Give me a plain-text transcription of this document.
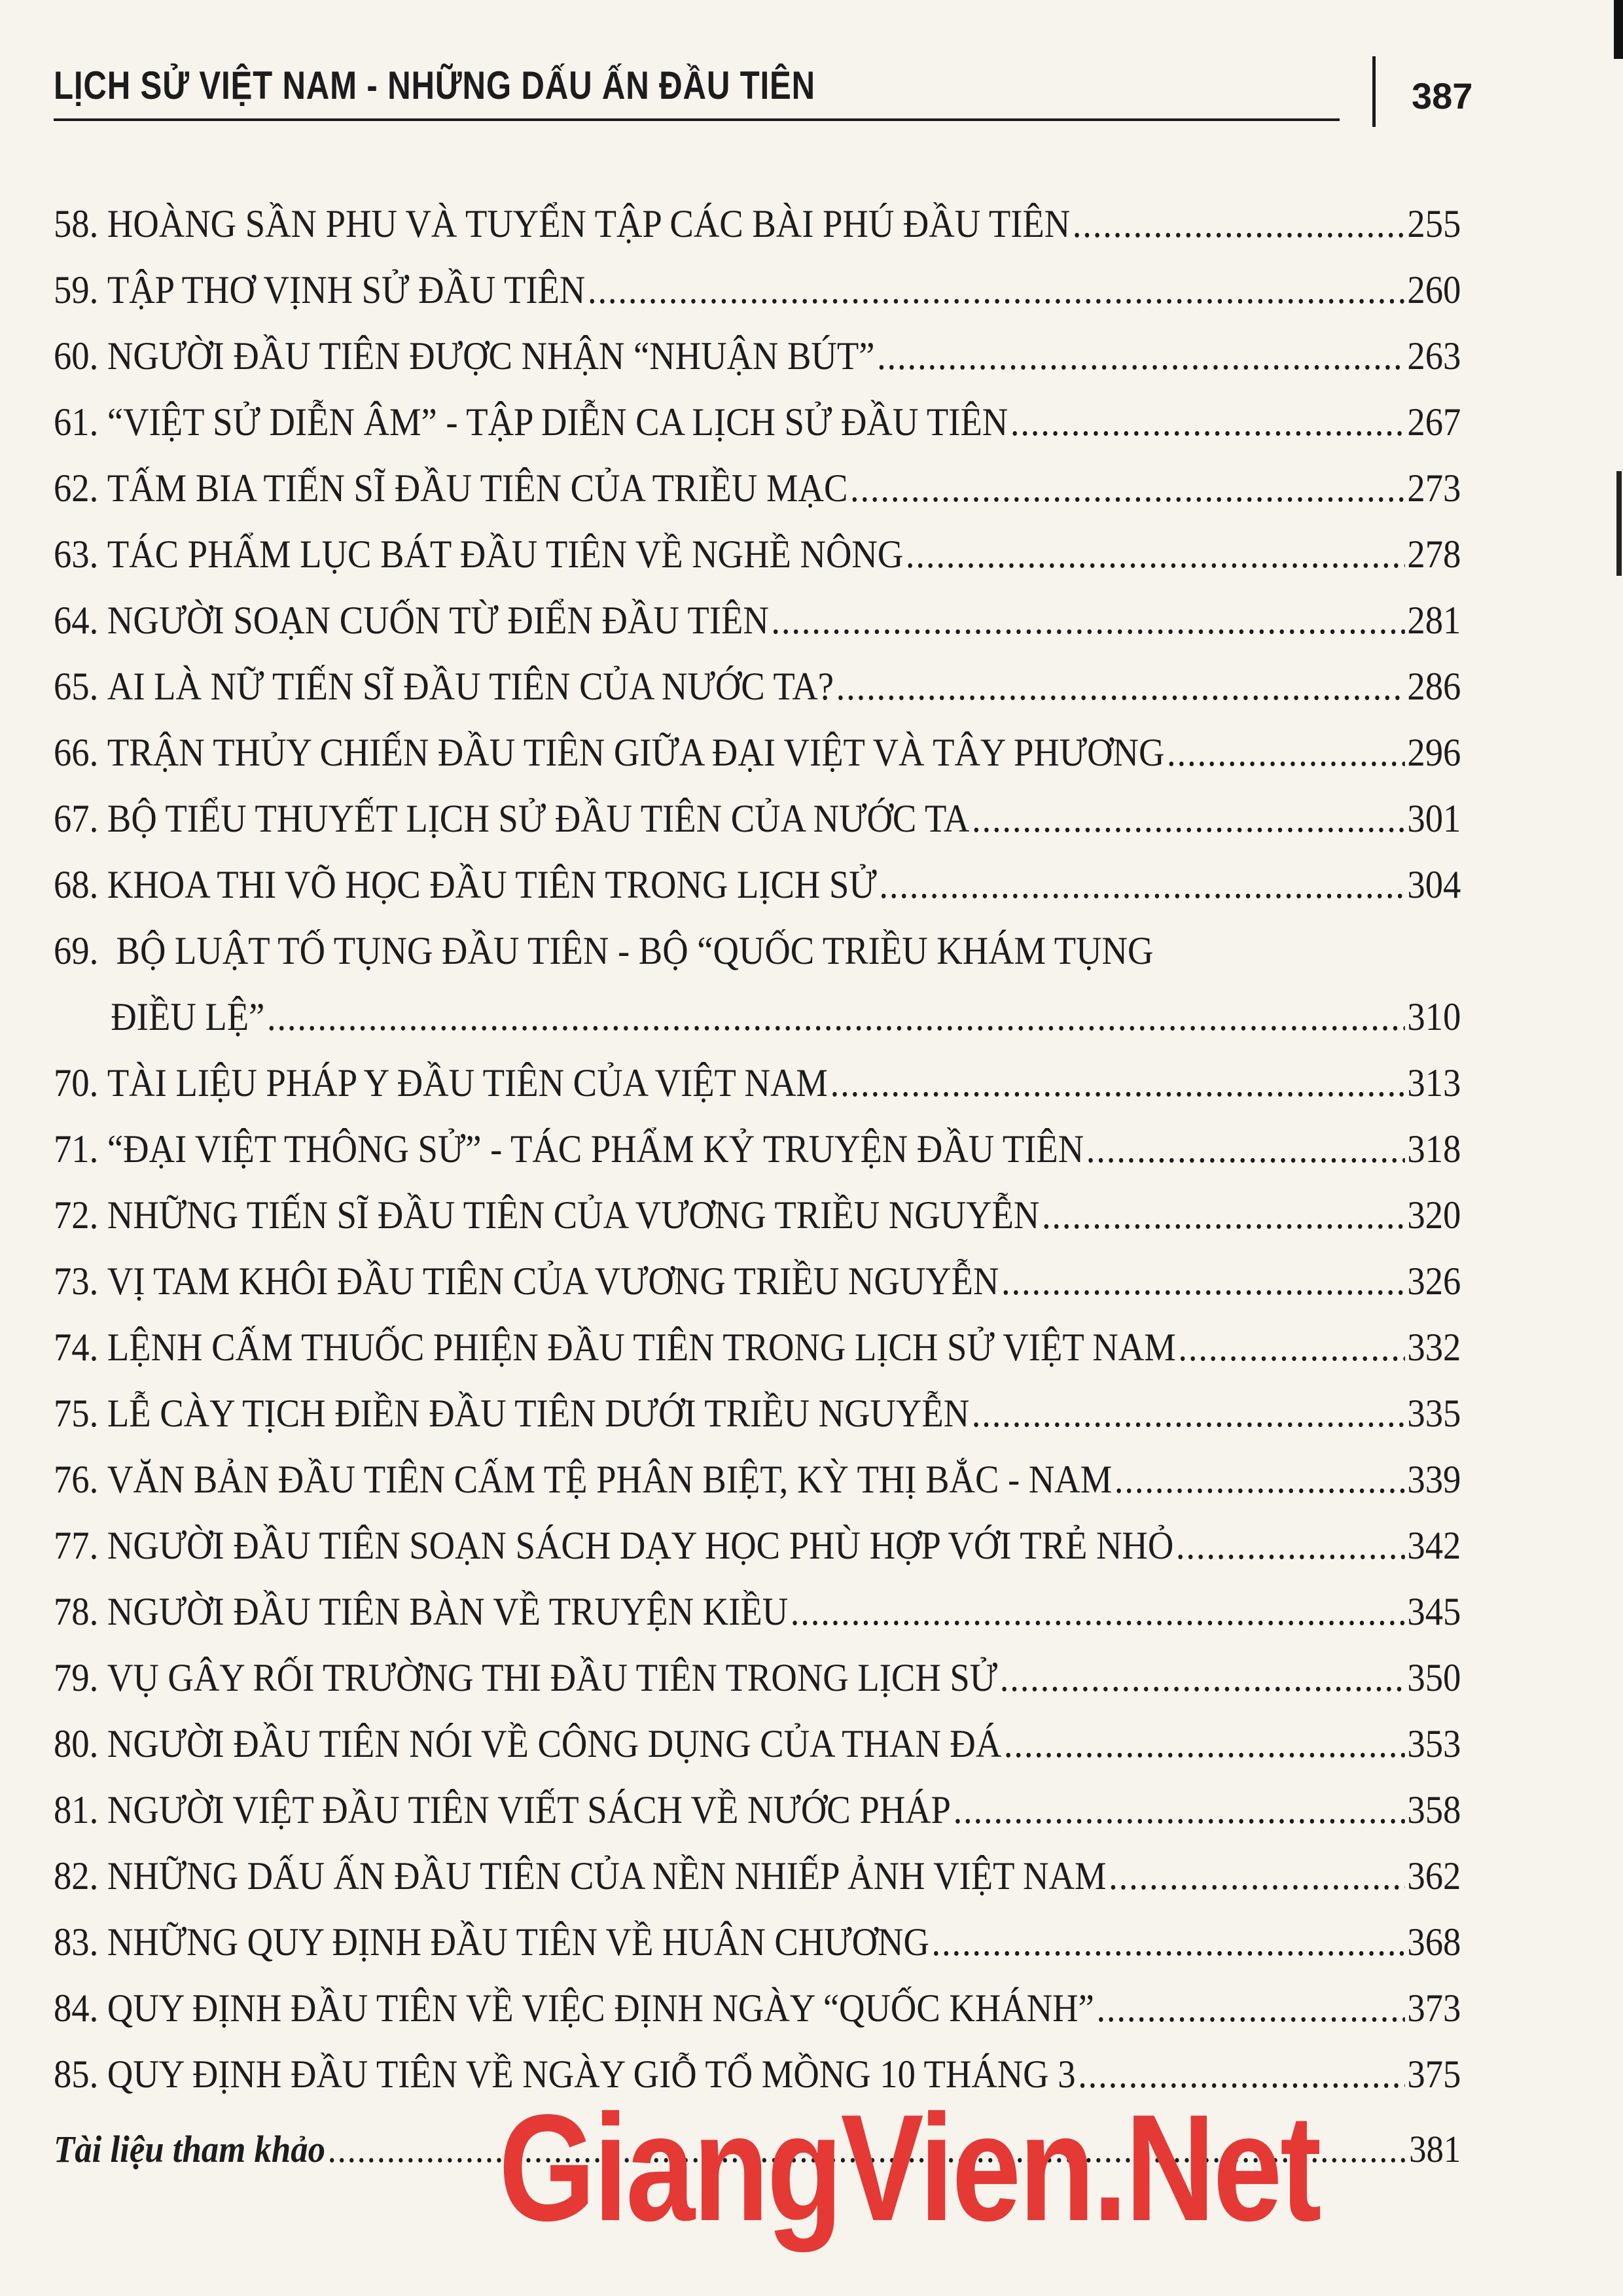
LỊCH SỬ VIỆT NAM - NHỮNG DẤU ẤN ĐẦU TIÊN	387
58.
HOÀNG SẦN PHU VÀ TUYỂN TẬP CÁC BÀI PHÚ ĐẦU TIÊN .....	255
59.
TẬP THƠ VỊNH SỬ ĐẦU TIÊN .....	260
60.
NGƯỜI ĐẦU TIÊN ĐƯỢC NHẬN “NHUẬN BÚT” .....	263
61.
“VIỆT SỬ DIỄN ÂM” - TẬP DIỄN CA LỊCH SỬ ĐẦU TIÊN .....	267
62.
TẤM BIA TIẾN SĨ ĐẦU TIÊN CỦA TRIỀU MẠC .....	273
63.
TÁC PHẨM LỤC BÁT ĐẦU TIÊN VỀ NGHỀ NÔNG .....	278
64.
NGƯỜI SOẠN CUỐN TỪ ĐIỂN ĐẦU TIÊN .....	281
65.
AI LÀ NỮ TIẾN SĨ ĐẦU TIÊN CỦA NƯỚC TA? .....	286
66.
TRẬN THỦY CHIẾN ĐẦU TIÊN GIỮA ĐẠI VIỆT VÀ TÂY PHƯƠNG .....	296
67.
BỘ TIỂU THUYẾT LỊCH SỬ ĐẦU TIÊN CỦA NƯỚC TA .....	301
68.
KHOA THI VÕ HỌC ĐẦU TIÊN TRONG LỊCH SỬ .....	304
69. BỘ LUẬT TỐ TỤNG ĐẦU TIÊN - BỘ “QUỐC TRIỀU KHÁM TỤNG
ĐIỀU LỆ” .....	310
70.
TÀI LIỆU PHÁP Y ĐẦU TIÊN CỦA VIỆT NAM .....	313
71.
“ĐẠI VIỆT THÔNG SỬ” - TÁC PHẨM KỶ TRUYỆN ĐẦU TIÊN .....	318
72.
NHỮNG TIẾN SĨ ĐẦU TIÊN CỦA VƯƠNG TRIỀU NGUYỄN .....	320
73.
VỊ TAM KHÔI ĐẦU TIÊN CỦA VƯƠNG TRIỀU NGUYỄN .....	326
74.
LỆNH CẤM THUỐC PHIỆN ĐẦU TIÊN TRONG LỊCH SỬ VIỆT NAM .....	332
75.
LỄ CÀY TỊCH ĐIỀN ĐẦU TIÊN DƯỚI TRIỀU NGUYỄN .....	335
76.
VĂN BẢN ĐẦU TIÊN CẤM TỆ PHÂN BIỆT, KỲ THỊ BẮC - NAM .....	339
77.
NGƯỜI ĐẦU TIÊN SOẠN SÁCH DẠY HỌC PHÙ HỢP VỚI TRẺ NHỎ .....	342
78.
NGƯỜI ĐẦU TIÊN BÀN VỀ TRUYỆN KIỀU .....	345
79.
VỤ GÂY RỐI TRƯỜNG THI ĐẦU TIÊN TRONG LỊCH SỬ .....	350
80.
NGƯỜI ĐẦU TIÊN NÓI VỀ CÔNG DỤNG CỦA THAN ĐÁ .....	353
81.
NGƯỜI VIỆT ĐẦU TIÊN VIẾT SÁCH VỀ NƯỚC PHÁP .....	358
82.
NHỮNG DẤU ẤN ĐẦU TIÊN CỦA NỀN NHIẾP ẢNH VIỆT NAM .....	362
83.
NHỮNG QUY ĐỊNH ĐẦU TIÊN VỀ HUÂN CHƯƠNG .....	368
84.
QUY ĐỊNH ĐẦU TIÊN VỀ VIỆC ĐỊNH NGÀY “QUỐC KHÁNH” .....	373
85.
QUY ĐỊNH ĐẦU TIÊN VỀ NGÀY GIỖ TỔ MỒNG 10 THÁNG 3 .....	375
Tài liệu tham khảo .....	381
GiangVien.Net
